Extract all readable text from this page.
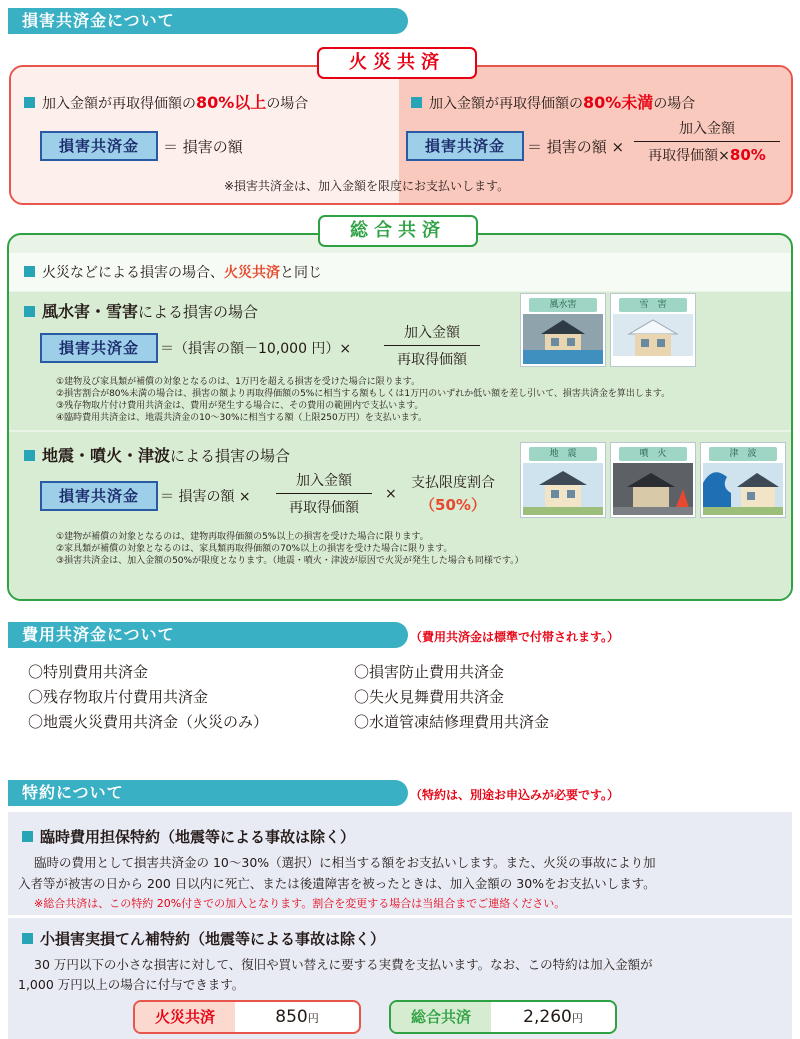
損害共済金について
火災共済
加入金額が再取得価額の80%以上の場合	加入金額が再取得価額の80%未満の場合
損害共済金	＝ 損害の額	損害共済金	＝ 損害の額 ×
加入金額
再取得価額×80%
※損害共済金は、加入金額を限度にお支払いします。
総合共済
火災などによる損害の場合、火災共済と同じ
風水害・雪害による損害の場合
損害共済金	＝（損害の額－10,000 円）×
加入金額
再取得価額
①建物及び家具類が補償の対象となるのは、1万円を超える損害を受けた場合に限ります。
②損害割合が80%未満の場合は、損害の額より再取得価額の5%に相当する額もしくは1万円のいずれか低い額を差し引いて、損害共済金を算出します。
③残存物取片付け費用共済金は、費用が発生する場合に、その費用の範囲内で支払います。
④臨時費用共済金は、地震共済金の10～30%に相当する額（上限250万円）を支払います。
風水害	雪　害
地震・噴火・津波による損害の場合
損害共済金	＝ 損害の額 ×
加入金額
再取得価額
×
支払限度割合
（50%）
①建物が補償の対象となるのは、建物再取得価額の5%以上の損害を受けた場合に限ります。
②家具類が補償の対象となるのは、家具類再取得価額の70%以上の損害を受けた場合に限ります。
③損害共済金は、加入金額の50%が限度となります。（地震・噴火・津波が原因で火災が発生した場合も同様です。）
地　震	噴　火	津　波
費用共済金について	（費用共済金は標準で付帯されます。）
〇特別費用共済金
〇残存物取片付費用共済金
〇地震火災費用共済金（火災のみ）
〇損害防止費用共済金
〇失火見舞費用共済金
〇水道管凍結修理費用共済金
特約について	（特約は、別途お申込みが必要です。）
臨時費用担保特約（地震等による事故は除く）
臨時の費用として損害共済金の 10～30%（選択）に相当する額をお支払いします。また、火災の事故により加
入者等が被害の日から 200 日以内に死亡、または後遺障害を被ったときは、加入金額の 30%をお支払いします。
※総合共済は、この特約 20%付きでの加入となります。割合を変更する場合は当組合までご連絡ください。
小損害実損てん補特約（地震等による事故は除く）
30 万円以下の小さな損害に対して、復旧や買い替えに要する実費を支払います。なお、この特約は加入金額が
1,000 万円以上の場合に付与できます。
火災共済	850円	総合共済	2,260円
